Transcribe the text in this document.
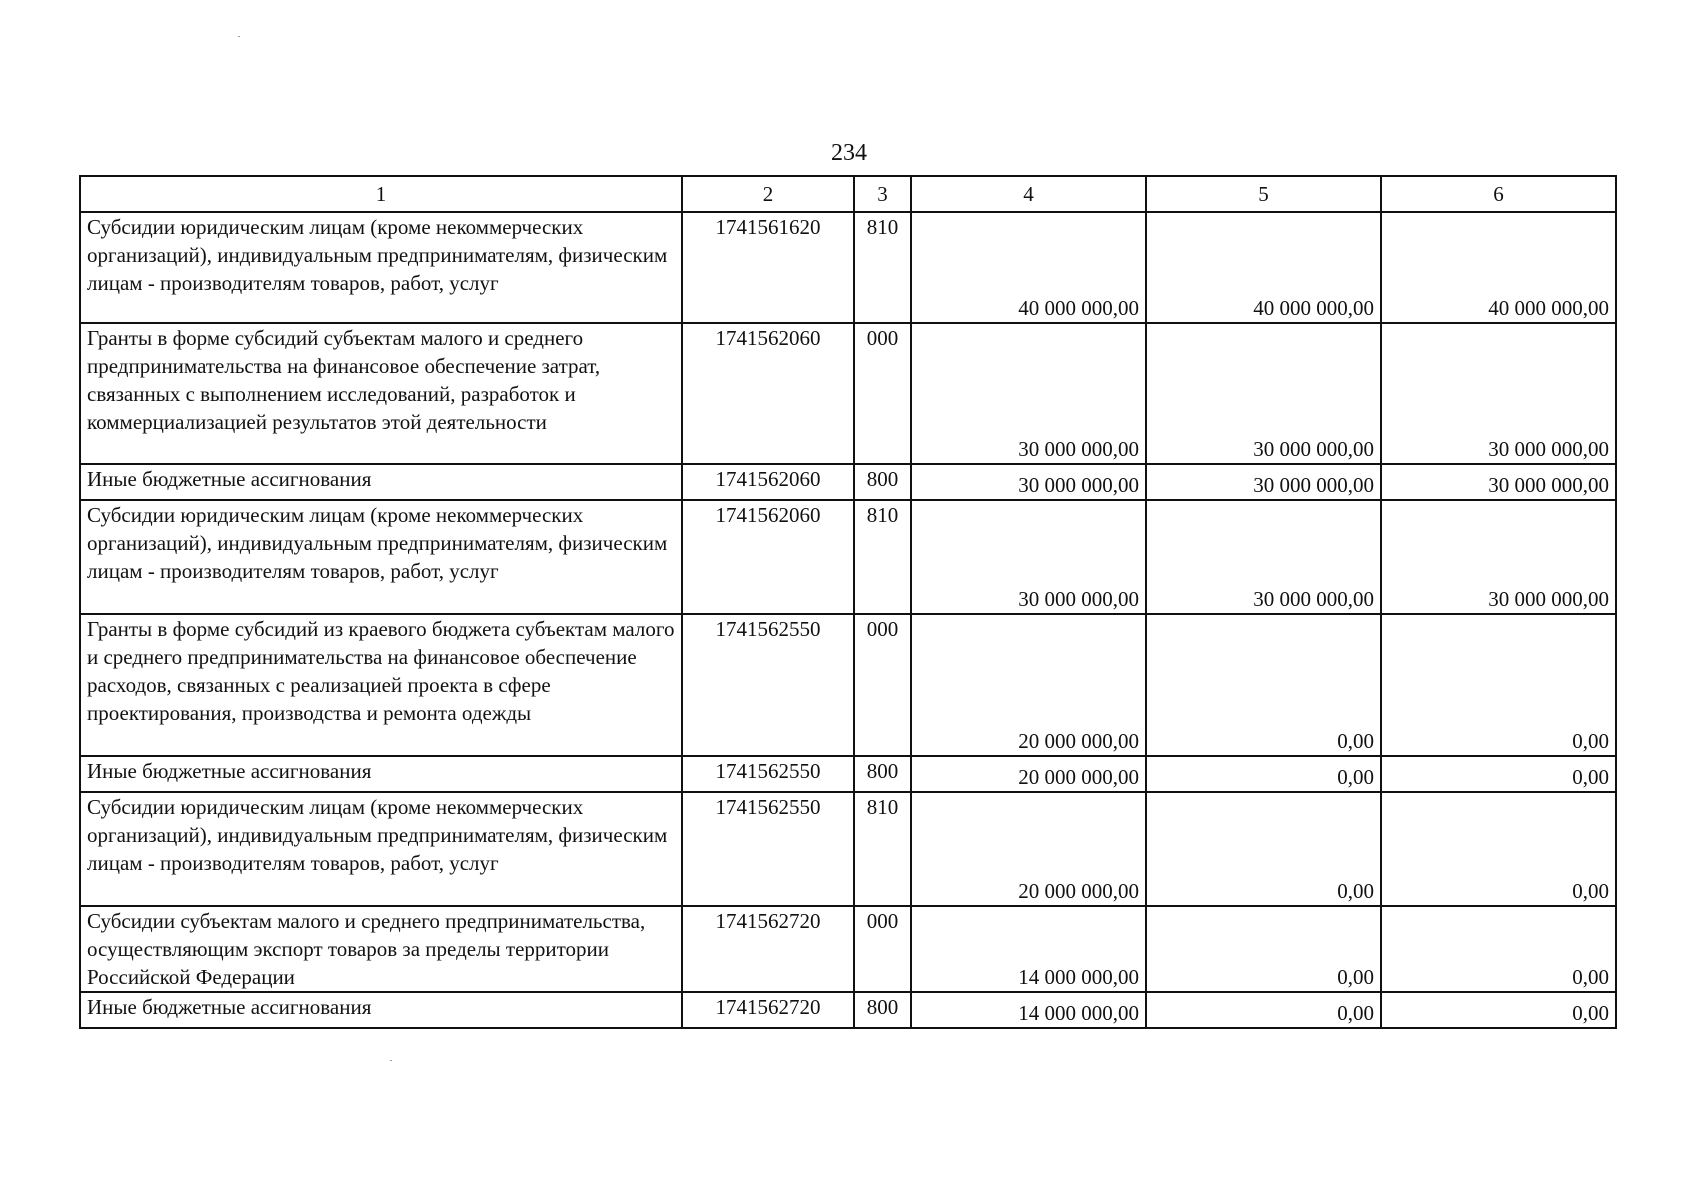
234
1	2	3	4	5	6
Субсидии юридическим лицам (кроме некоммерческих организаций), индивидуальным предпринимателям, физическим лицам - производителям товаров, работ, услуг	1741561620	810	40 000 000,00	40 000 000,00	40 000 000,00
Гранты в форме субсидий субъектам малого и среднего предпринимательства на финансовое обеспечение затрат, связанных с выполнением исследований, разработок и коммерциализацией результатов этой деятельности	1741562060	000	30 000 000,00	30 000 000,00	30 000 000,00
Иные бюджетные ассигнования	1741562060	800	30 000 000,00	30 000 000,00	30 000 000,00
Субсидии юридическим лицам (кроме некоммерческих организаций), индивидуальным предпринимателям, физическим лицам - производителям товаров, работ, услуг	1741562060	810	30 000 000,00	30 000 000,00	30 000 000,00
Гранты в форме субсидий из краевого бюджета субъектам малого и среднего предпринимательства на финансовое обеспечение расходов, связанных с реализацией проекта в сфере проектирования, производства и ремонта одежды	1741562550	000	20 000 000,00	0,00	0,00
Иные бюджетные ассигнования	1741562550	800	20 000 000,00	0,00	0,00
Субсидии юридическим лицам (кроме некоммерческих организаций), индивидуальным предпринимателям, физическим лицам - производителям товаров, работ, услуг	1741562550	810	20 000 000,00	0,00	0,00
Субсидии субъектам малого и среднего предпринимательства, осуществляющим экспорт товаров за пределы территории Российской Федерации	1741562720	000	14 000 000,00	0,00	0,00
Иные бюджетные ассигнования	1741562720	800	14 000 000,00	0,00	0,00
